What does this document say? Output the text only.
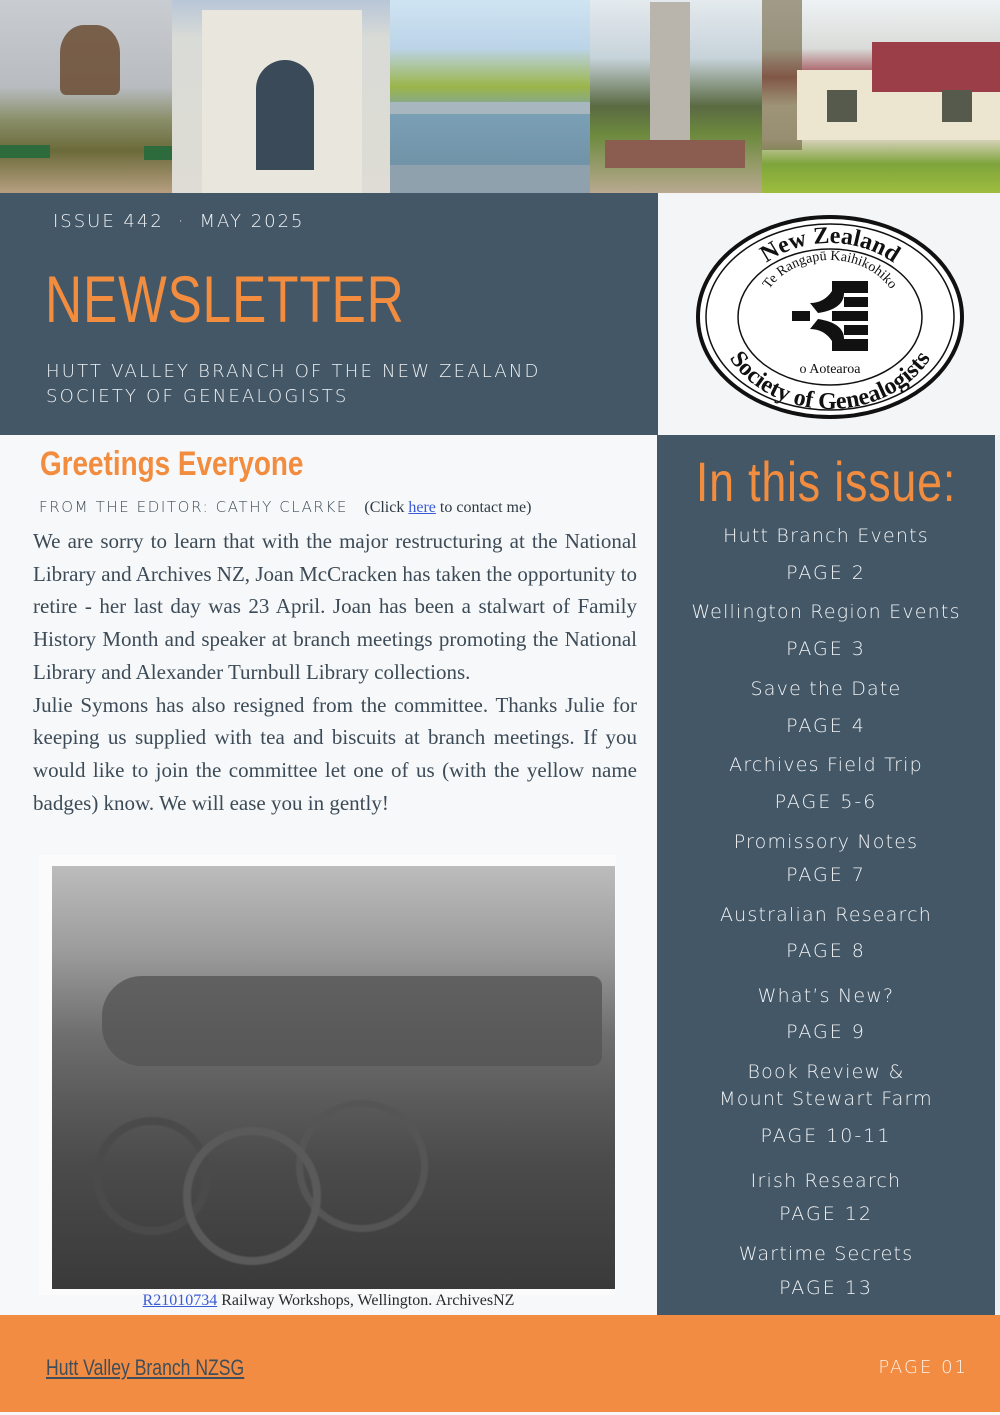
ISSUE 442 · MAY 2025
NEWSLETTER
HUTT VALLEY BRANCH OF THE NEW ZEALAND
SOCIETY OF GENEALOGISTS
New Zealand
Te Rangapū Kaihikohiko
o Aotearoa
Society of Genealogists
Greetings Everyone
FROM THE EDITOR: CATHY CLARKE (Click here to contact me)

We are sorry to learn that with the major restructuring at the National Library and Archives NZ, Joan McCracken has taken the opportunity to retire - her last day was 23 April. Joan has been a stalwart of Family History Month and speaker at branch meetings promoting the National Library and Alexander Turnbull Library collections.

Julie Symons has also resigned from the committee. Thanks Julie for keeping us supplied with tea and biscuits at branch meetings. If you would like to join the committee let one of us (with the yellow name badges) know. We will ease you in gently!

R21010734 Railway Workshops, Wellington. ArchivesNZ
In this issue:
Hutt Branch Events
PAGE 2
Wellington Region Events
PAGE 3
Save the Date
PAGE 4
Archives Field Trip
PAGE 5-6
Promissory Notes
PAGE 7
Australian Research
PAGE 8
What’s New?
PAGE 9
Book Review &
Mount Stewart Farm
PAGE 10-11
Irish Research
PAGE 12
Wartime Secrets
PAGE 13
Hutt Valley Branch NZSG	PAGE 01
